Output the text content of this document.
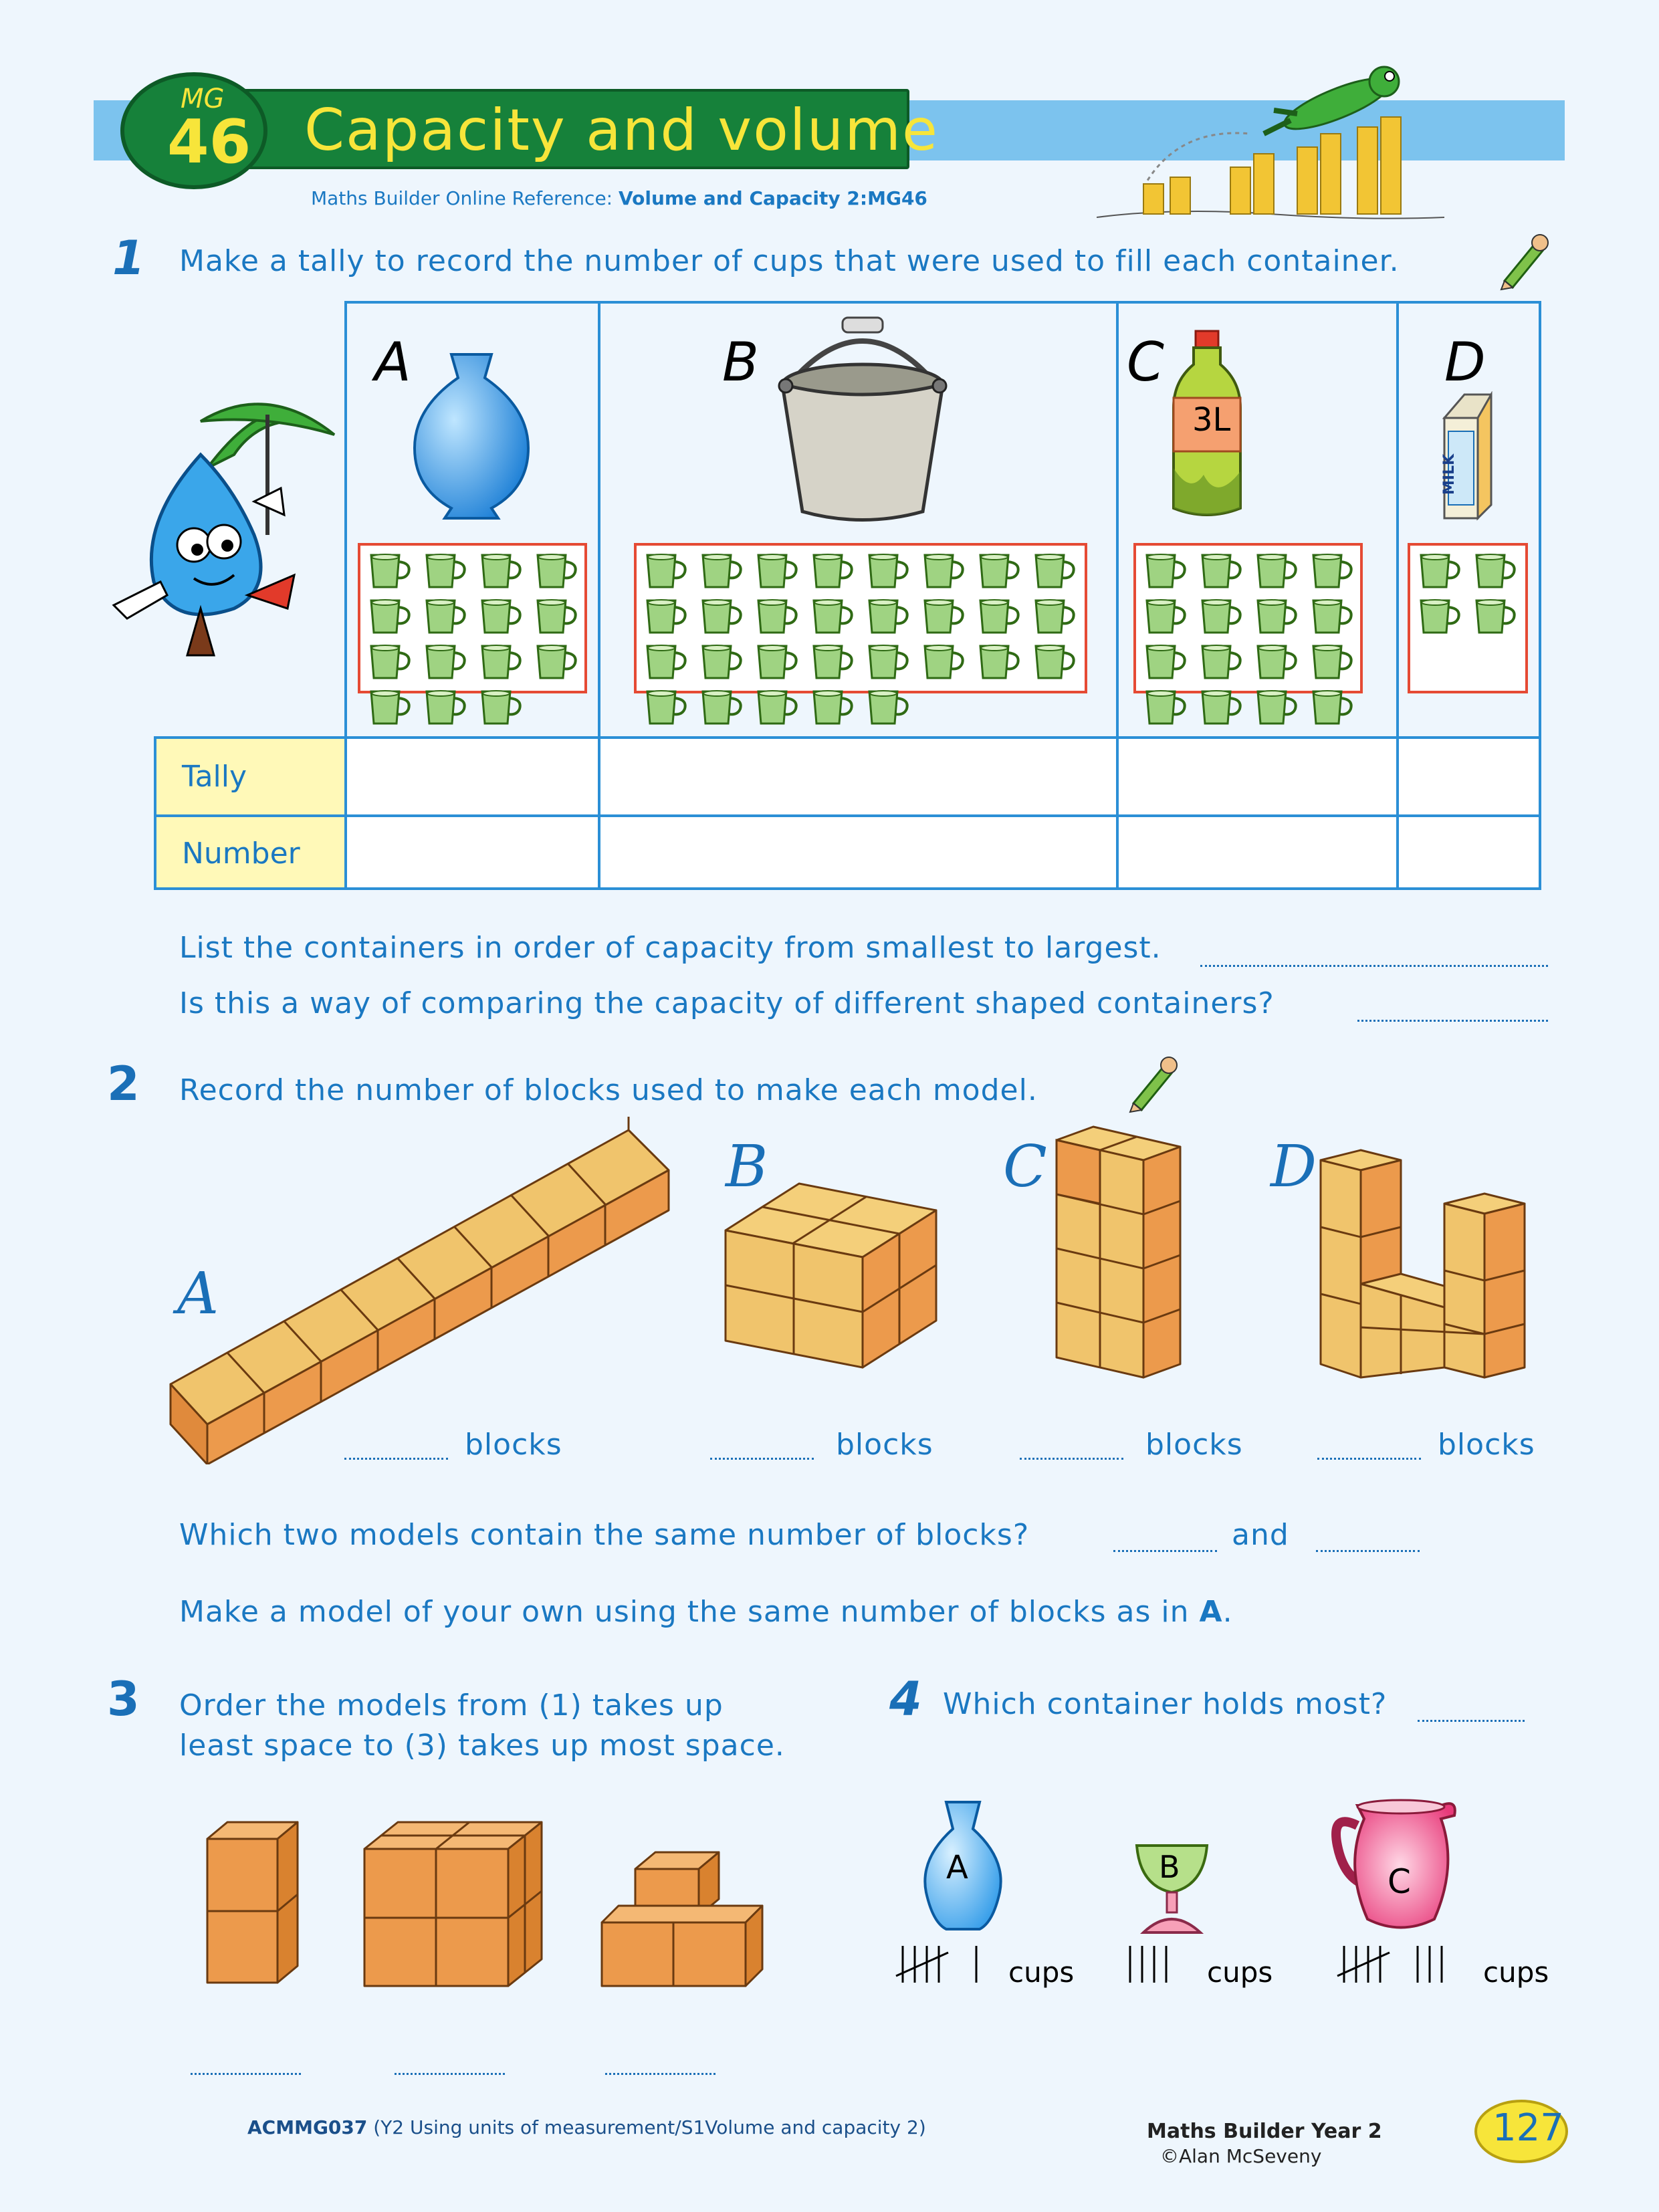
Capacity and volume
MG
46
Maths Builder Online Reference: Volume and Capacity 2:MG46
1 Make a tally to record the number of cups that were used to fill each container.
A	B	C	D
3L
MILK
Tally
Number
List the containers in order of capacity from smallest to largest.
Is this a way of comparing the capacity of different shaped containers?
2 Record the number of blocks used to make each model.
A
B	C	D
blocks	blocks	blocks	blocks
Which two models contain the same number of blocks?	and
Make a model of your own using the same number of blocks as in A.
3 Order the models from (1) takes up
least space to (3) takes up most space.
4 Which container holds most?
A	B	C
cups	cups	cups
ACMMG037 (Y2 Using units of measurement/S1Volume and capacity 2)	Maths Builder Year 2
©Alan McSeveny
127
